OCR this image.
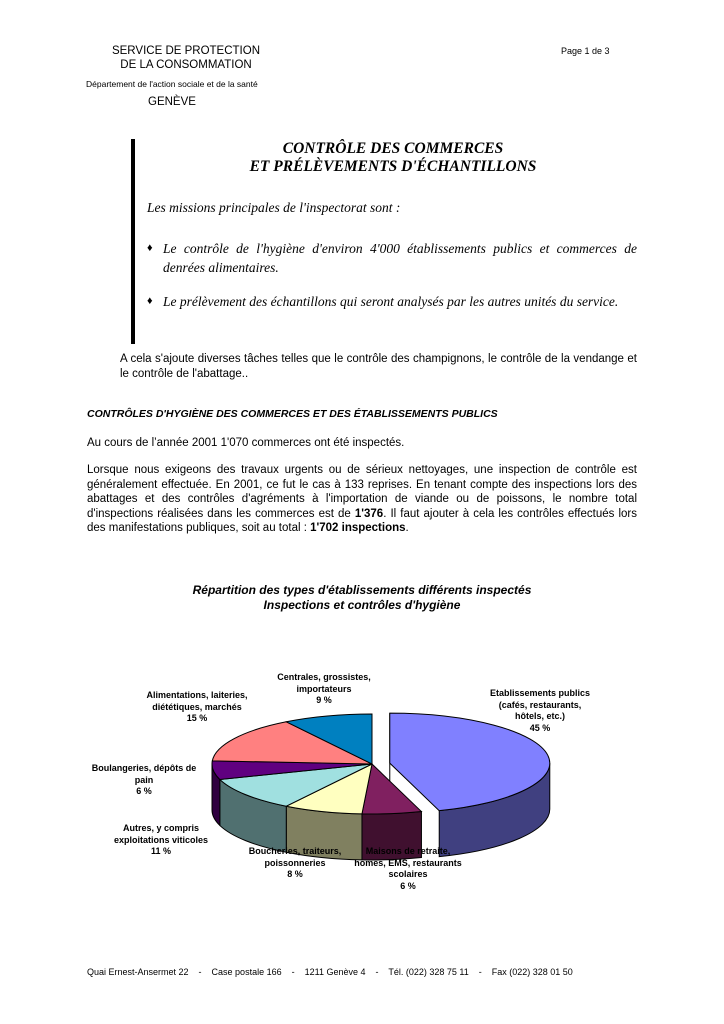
SERVICE DE PROTECTION
DE LA CONSOMMATION
Département de l'action sociale et de la santé
GENÈVE
Page 1 de 3
CONTRÔLE DES COMMERCES
ET PRÉLÈVEMENTS D'ÉCHANTILLONS
Les missions principales de l'inspectorat sont :
♦ Le contrôle de l'hygiène d'environ 4'000 établissements publics et commerces de denrées alimentaires.
♦ Le prélèvement des échantillons qui seront analysés par les autres unités du service.
A cela s'ajoute diverses tâches telles que le contrôle des champignons, le contrôle de la vendange et le contrôle de l'abattage..
CONTRÔLES D'HYGIÈNE DES COMMERCES ET DES ÉTABLISSEMENTS PUBLICS
Au cours de l’année 2001 1'070 commerces ont été inspectés.
Lorsque nous exigeons des travaux urgents ou de sérieux nettoyages, une inspection de contrôle est généralement effectuée. En 2001, ce fut le cas à 133 reprises. En tenant compte des inspections lors des abattages et des contrôles d'agréments à l'importation de viande ou de poissons, le nombre total d'inspections réalisées dans les commerces est de 1'376. Il faut ajouter à cela les contrôles effectués lors des manifestations publiques, soit au total : 1'702 inspections.
Répartition des types d'établissements différents inspectés
Inspections et contrôles d'hygiène
Etablissements publics
(cafés, restaurants,
hôtels, etc.)
45 %
Maisons de retraite,
homes, EMS, restaurants
scolaires
6 %
Boucheries, traiteurs,
poissonneries
8 %
Autres, y compris
exploitations viticoles
11 %
Boulangeries, dépôts de
pain
6 %
Alimentations, laiteries,
diététiques, marchés
15 %
Centrales, grossistes,
importateurs
9 %
Quai Ernest-Ansermet 22    -    Case postale 166    -    1211 Genève 4    -    Tél. (022) 328 75 11    -    Fax (022) 328 01 50
